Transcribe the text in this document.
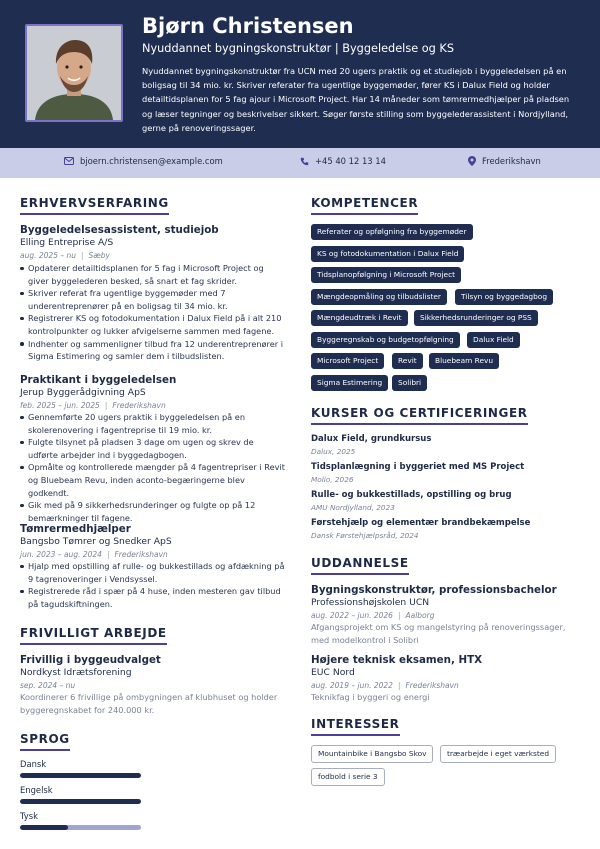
Bjørn Christensen
Nyuddannet bygningskonstruktør | Byggeledelse og KS
Nyuddannet bygningskonstruktør fra UCN med 20 ugers praktik og et studiejob i byggeledelsen på en boligsag til 34 mio. kr. Skriver referater fra ugentlige byggemøder, fører KS i Dalux Field og holder detailtidsplanen for 5 fag ajour i Microsoft Project. Har 14 måneder som tømrermedhjælper på pladsen og læser tegninger og beskrivelser sikkert. Søger første stilling som byggelederassistent i Nordjylland, gerne på renoveringssager.
bjoern.christensen@example.com	+45 40 12 13 14	Frederikshavn
ERHVERVSERFARING
Byggeledelsesassistent, studiejob
Elling Entreprise A/S
aug. 2025 – nu | Sæby
Opdaterer detailtidsplanen for 5 fag i Microsoft Project og giver byggelederen besked, så snart et fag skrider.
Skriver referat fra ugentlige byggemøder med 7 underentreprenører på en boligsag til 34 mio. kr.
Registrerer KS og fotodokumentation i Dalux Field på i alt 210 kontrolpunkter og lukker afvigelserne sammen med fagene.
Indhenter og sammenligner tilbud fra 12 underentreprenører i Sigma Estimering og samler dem i tilbudslisten.
Praktikant i byggeledelsen
Jerup Byggerådgivning ApS
feb. 2025 – jun. 2025 | Frederikshavn
Gennemførte 20 ugers praktik i byggeledelsen på en skolerenovering i fagentreprise til 19 mio. kr.
Fulgte tilsynet på pladsen 3 dage om ugen og skrev de udførte arbejder ind i byggedagbogen.
Opmålte og kontrollerede mængder på 4 fagentrepriser i Revit og Bluebeam Revu, inden aconto-begæringerne blev godkendt.
Gik med på 9 sikkerhedsrunderinger og fulgte op på 12 bemærkninger til fagene.
Tømrermedhjælper
Bangsbo Tømrer og Snedker ApS
jun. 2023 – aug. 2024 | Frederikshavn
Hjalp med opstilling af rulle- og bukkestillads og afdækning på 9 tagrenoveringer i Vendsyssel.
Registrerede råd i spær på 4 huse, inden mesteren gav tilbud på tagudskiftningen.
FRIVILLIGT ARBEJDE
Frivillig i byggeudvalget
Nordkyst Idrætsforening
sep. 2024 – nu
Koordinerer 6 frivillige på ombygningen af klubhuset og holder byggeregnskabet for 240.000 kr.
SPROG
Dansk
Engelsk
Tysk
KOMPETENCER
Referater og opfølgning fra byggemøder
KS og fotodokumentation i Dalux Field
Tidsplanopfølgning i Microsoft Project
Mængdeopmåling og tilbudslister	Tilsyn og byggedagbog
Mængdeudtræk i Revit	Sikkerhedsrunderinger og PSS
Byggeregnskab og budgetopfølgning	Dalux Field
Microsoft Project	Revit	Bluebeam Revu
Sigma Estimering	Solibri
KURSER OG CERTIFICERINGER
Dalux Field, grundkursus
Dalux, 2025
Tidsplanlægning i byggeriet med MS Project
Molio, 2026
Rulle- og bukkestillads, opstilling og brug
AMU Nordjylland, 2023
Førstehjælp og elementær brandbekæmpelse
Dansk Førstehjælpsråd, 2024
UDDANNELSE
Bygningskonstruktør, professionsbachelor
Professionshøjskolen UCN
aug. 2022 – jun. 2026 | Aalborg
Afgangsprojekt om KS og mangelstyring på renoveringssager, med modelkontrol i Solibri
Højere teknisk eksamen, HTX
EUC Nord
aug. 2019 – jun. 2022 | Frederikshavn
Teknikfag i byggeri og energi
INTERESSER
Mountainbike i Bangsbo Skov	træarbejde i eget værksted
fodbold i serie 3
